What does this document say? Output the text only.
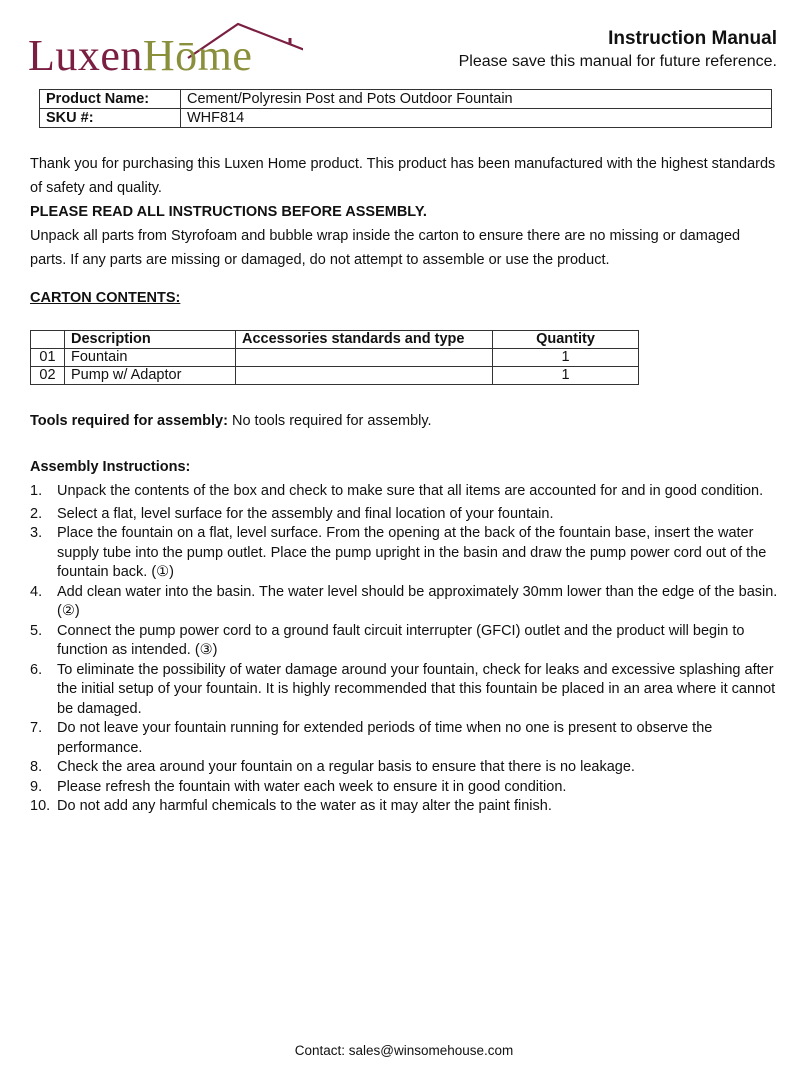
LuxenHōme	Instruction Manual
Please save this manual for future reference.
Product Name:	Cement/Polyresin Post and Pots Outdoor Fountain
SKU #:	WHF814
Thank you for purchasing this Luxen Home product. This product has been manufactured with the highest standards of safety and quality.
PLEASE READ ALL INSTRUCTIONS BEFORE ASSEMBLY.
Unpack all parts from Styrofoam and bubble wrap inside the carton to ensure there are no missing or damaged parts. If any parts are missing or damaged, do not attempt to assemble or use the product.
CARTON CONTENTS:
	Description	Accessories standards and type	Quantity
01	Fountain		1
02	Pump w/ Adaptor		1
Tools required for assembly: No tools required for assembly.
Assembly Instructions:
1. Unpack the contents of the box and check to make sure that all items are accounted for and in good condition.
2. Select a flat, level surface for the assembly and final location of your fountain.
3. Place the fountain on a flat, level surface. From the opening at the back of the fountain base, insert the water supply tube into the pump outlet. Place the pump upright in the basin and draw the pump power cord out of the fountain back. (①)
4. Add clean water into the basin. The water level should be approximately 30mm lower than the edge of the basin. (②)
5. Connect the pump power cord to a ground fault circuit interrupter (GFCI) outlet and the product will begin to function as intended. (③)
6. To eliminate the possibility of water damage around your fountain, check for leaks and excessive splashing after the initial setup of your fountain. It is highly recommended that this fountain be placed in an area where it cannot be damaged.
7. Do not leave your fountain running for extended periods of time when no one is present to observe the performance.
8. Check the area around your fountain on a regular basis to ensure that there is no leakage.
9. Please refresh the fountain with water each week to ensure it in good condition.
10. Do not add any harmful chemicals to the water as it may alter the paint finish.
Contact: sales@winsomehouse.com
